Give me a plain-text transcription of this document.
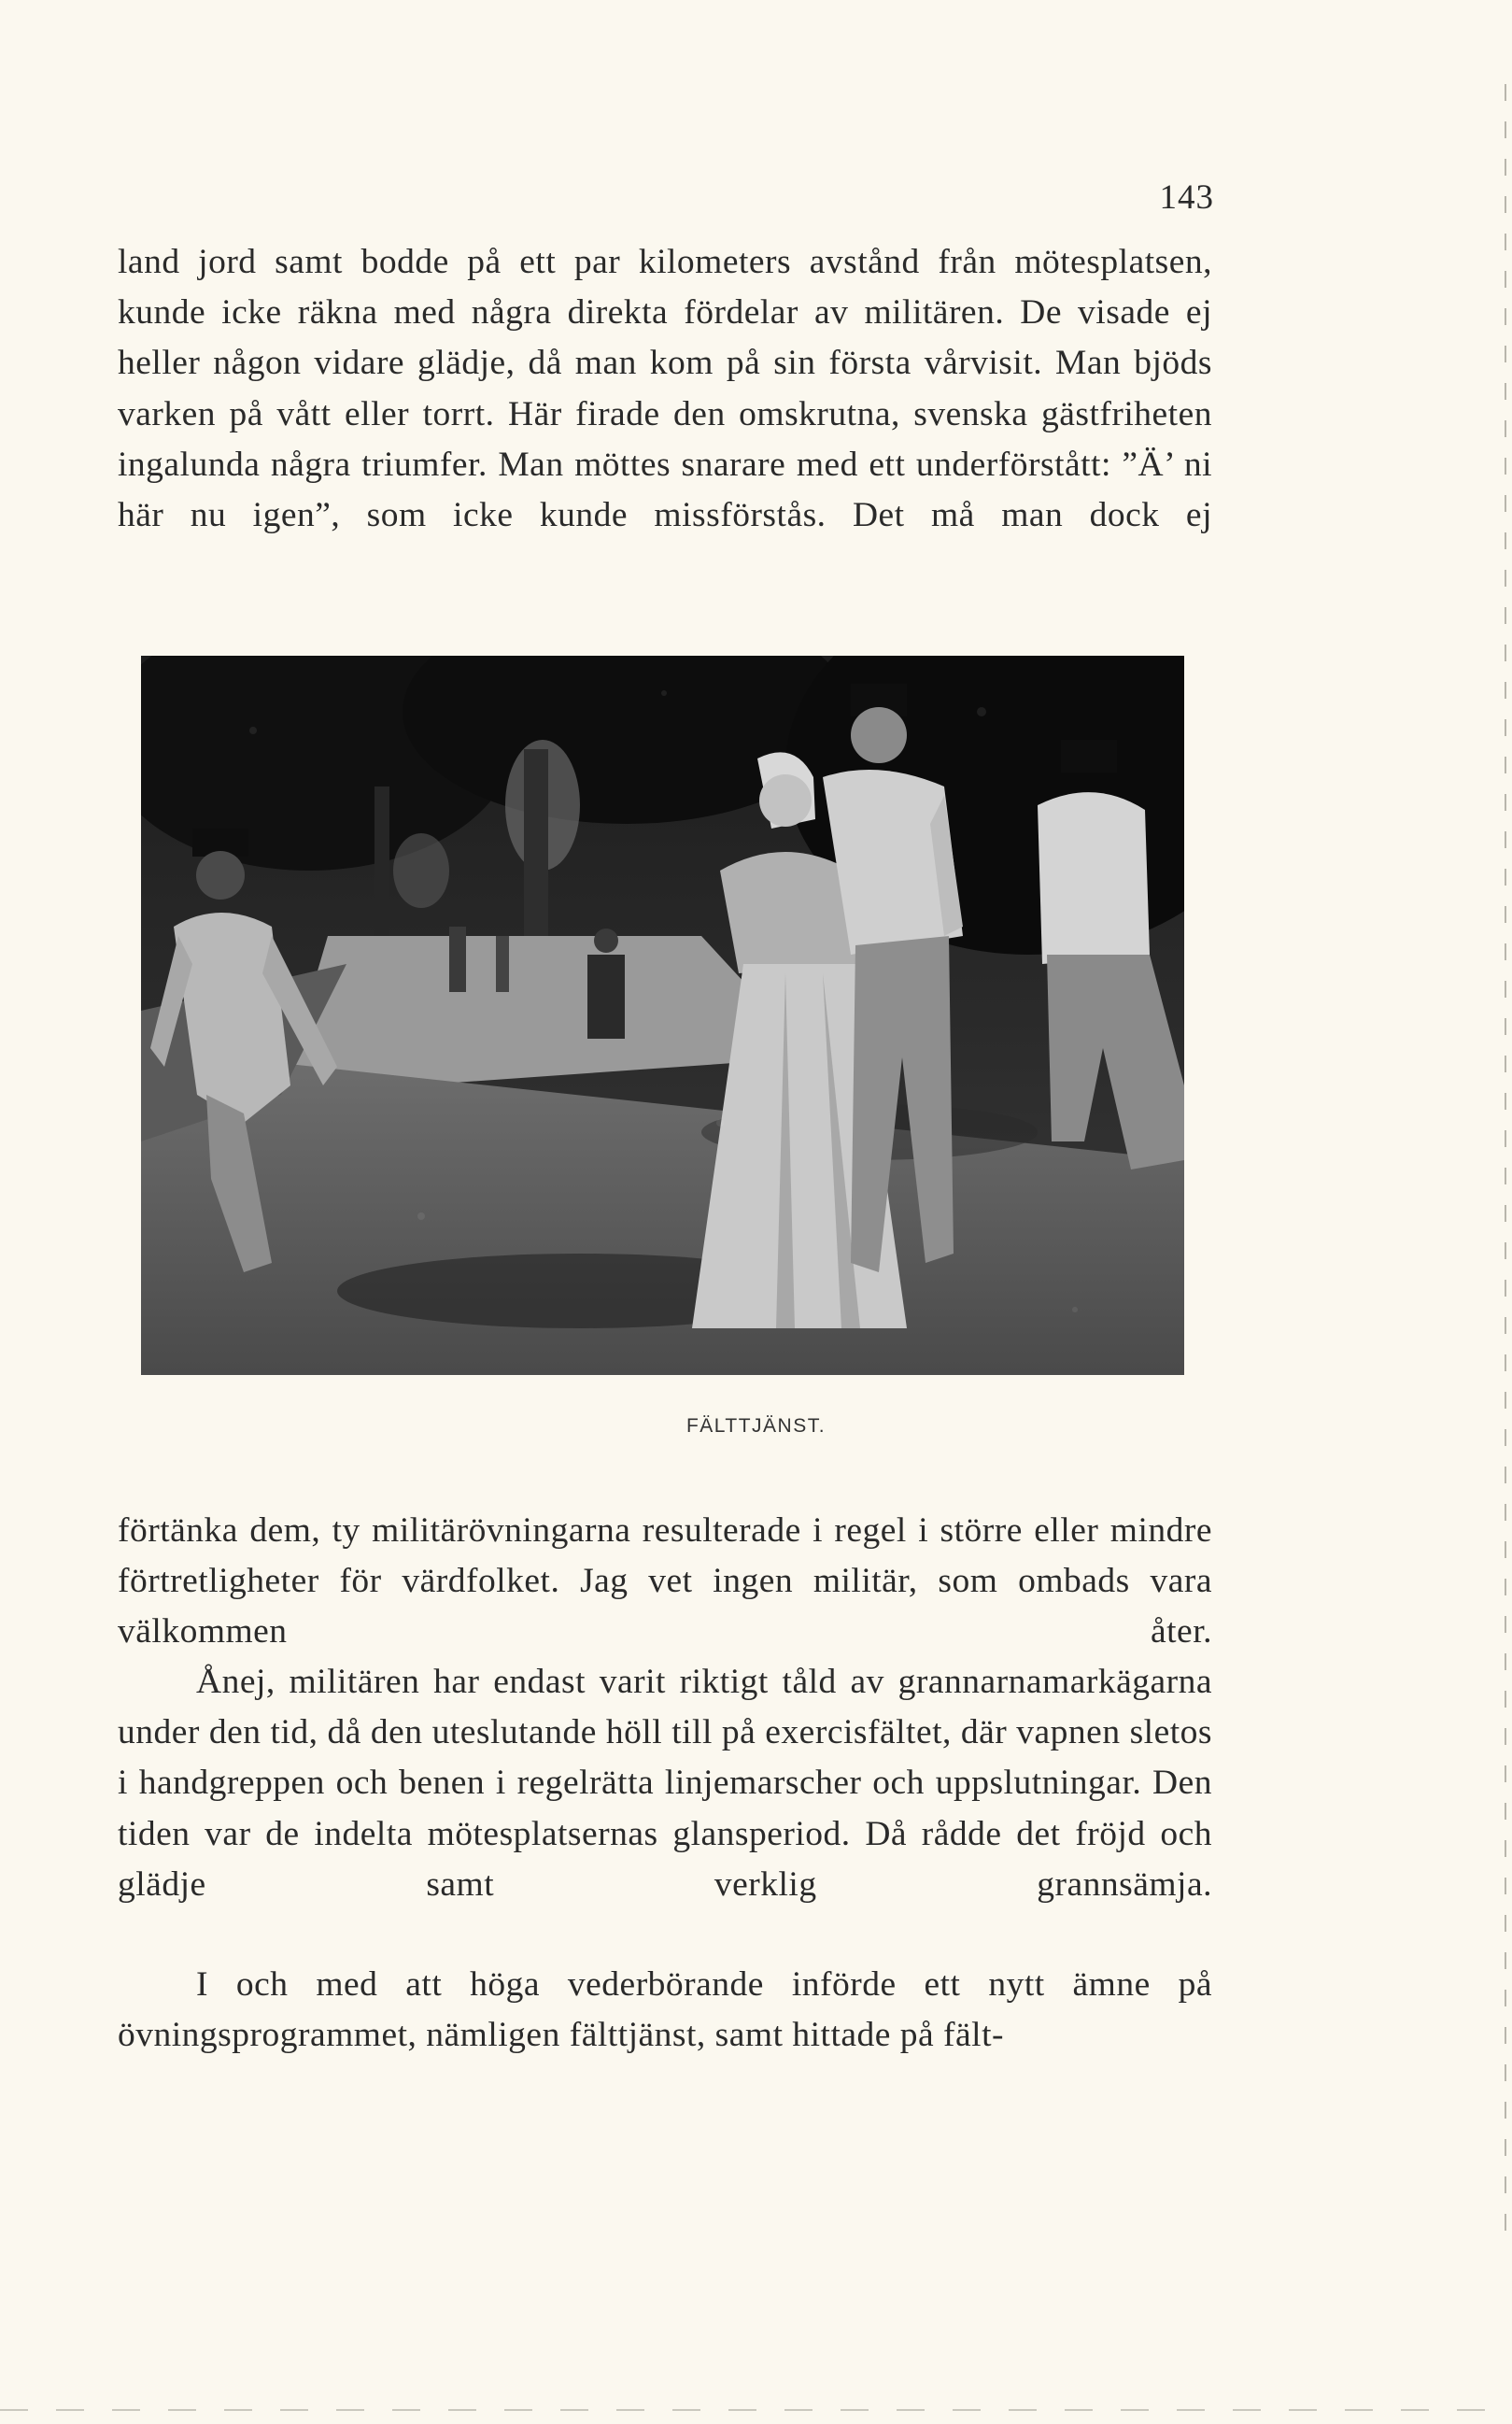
143

land jord samt bodde på ett par kilometers avstånd från mötesplatsen, kunde icke räkna med några direkta fördelar av militären. De visade ej heller någon vidare glädje, då man kom på sin första vårvisit. Man bjöds varken på vått eller torrt. Här firade den omskrutna, svenska gästfriheten ingalunda några triumfer. Man möttes snarare med ett underförstått: ”Ä’ ni här nu igen”, som icke kunde missförstås. Det må man dock ej

FÄLTTJÄNST.

förtänka dem, ty militärövningarna resulterade i regel i större eller mindre förtretligheter för värdfolket. Jag vet ingen militär, som ombads vara välkommen åter.

Ånej, militären har endast varit riktigt tåld av grannarnamarkägarna under den tid, då den uteslutande höll till på exercisfältet, där vapnen sletos i handgreppen och benen i regelrätta linjemarscher och uppslutningar. Den tiden var de indelta mötesplatsernas glansperiod. Då rådde det fröjd och glädje samt verklig grannsämja.

I och med att höga vederbörande införde ett nytt ämne på övningsprogrammet, nämligen fälttjänst, samt hittade på fält-
